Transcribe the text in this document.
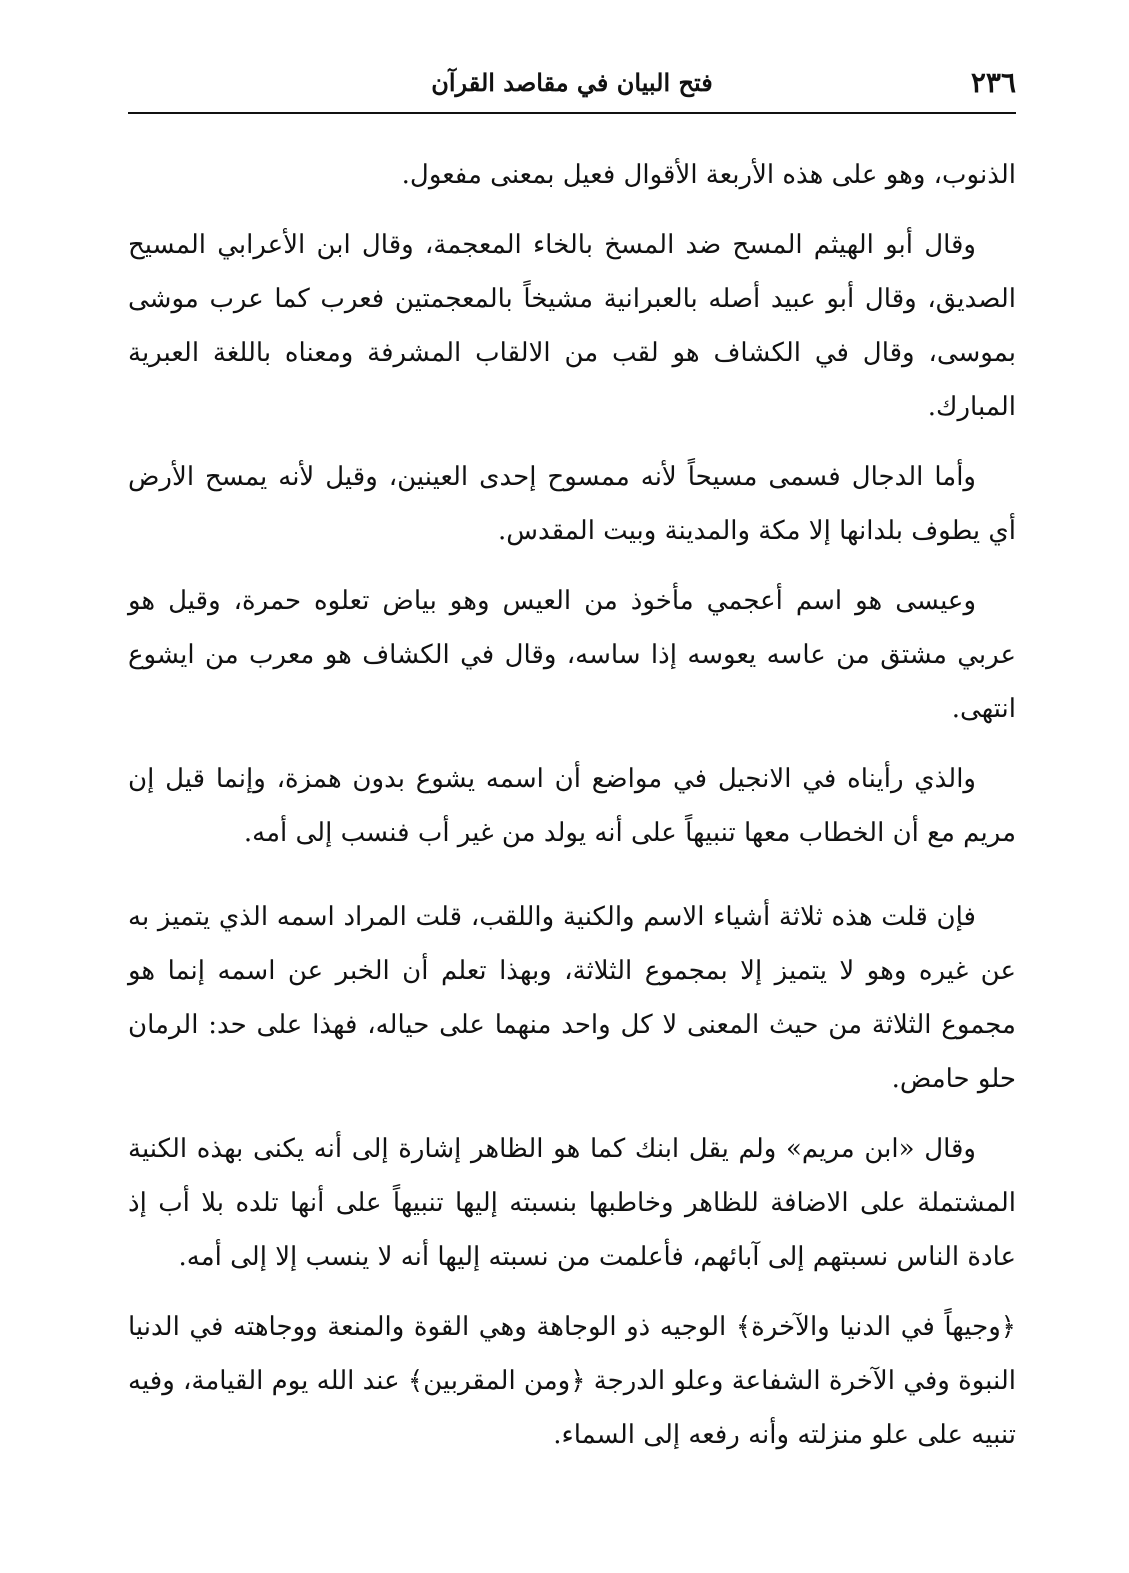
٢٣٦
فتح البيان في مقاصد القرآن

الذنوب، وهو على هذه الأربعة الأقوال فعيل بمعنى مفعول.

وقال أبو الهيثم المسح ضد المسخ بالخاء المعجمة، وقال ابن الأعرابي المسيح الصديق، وقال أبو عبيد أصله بالعبرانية مشيخاً بالمعجمتين فعرب كما عرب موشى بموسى، وقال في الكشاف هو لقب من الالقاب المشرفة ومعناه باللغة العبرية المبارك.

وأما الدجال فسمى مسيحاً لأنه ممسوح إحدى العينين، وقيل لأنه يمسح الأرض أي يطوف بلدانها إلا مكة والمدينة وبيت المقدس.

وعيسى هو اسم أعجمي مأخوذ من العيس وهو بياض تعلوه حمرة، وقيل هو عربي مشتق من عاسه يعوسه إذا ساسه، وقال في الكشاف هو معرب من ايشوع انتهى.

والذي رأيناه في الانجيل في مواضع أن اسمه يشوع بدون همزة، وإنما قيل إن مريم مع أن الخطاب معها تنبيهاً على أنه يولد من غير أب فنسب إلى أمه.

فإن قلت هذه ثلاثة أشياء الاسم والكنية واللقب، قلت المراد اسمه الذي يتميز به عن غيره وهو لا يتميز إلا بمجموع الثلاثة، وبهذا تعلم أن الخبر عن اسمه إنما هو مجموع الثلاثة من حيث المعنى لا كل واحد منهما على حياله، فهذا على حد: الرمان حلو حامض.

وقال «ابن مريم» ولم يقل ابنك كما هو الظاهر إشارة إلى أنه يكنى بهذه الكنية المشتملة على الاضافة للظاهر وخاطبها بنسبته إليها تنبيهاً على أنها تلده بلا أب إذ عادة الناس نسبتهم إلى آبائهم، فأعلمت من نسبته إليها أنه لا ينسب إلا إلى أمه.

﴿وجيهاً في الدنيا والآخرة﴾ الوجيه ذو الوجاهة وهي القوة والمنعة ووجاهته في الدنيا النبوة وفي الآخرة الشفاعة وعلو الدرجة ﴿ومن المقربين﴾ عند الله يوم القيامة، وفيه تنبيه على علو منزلته وأنه رفعه إلى السماء.
